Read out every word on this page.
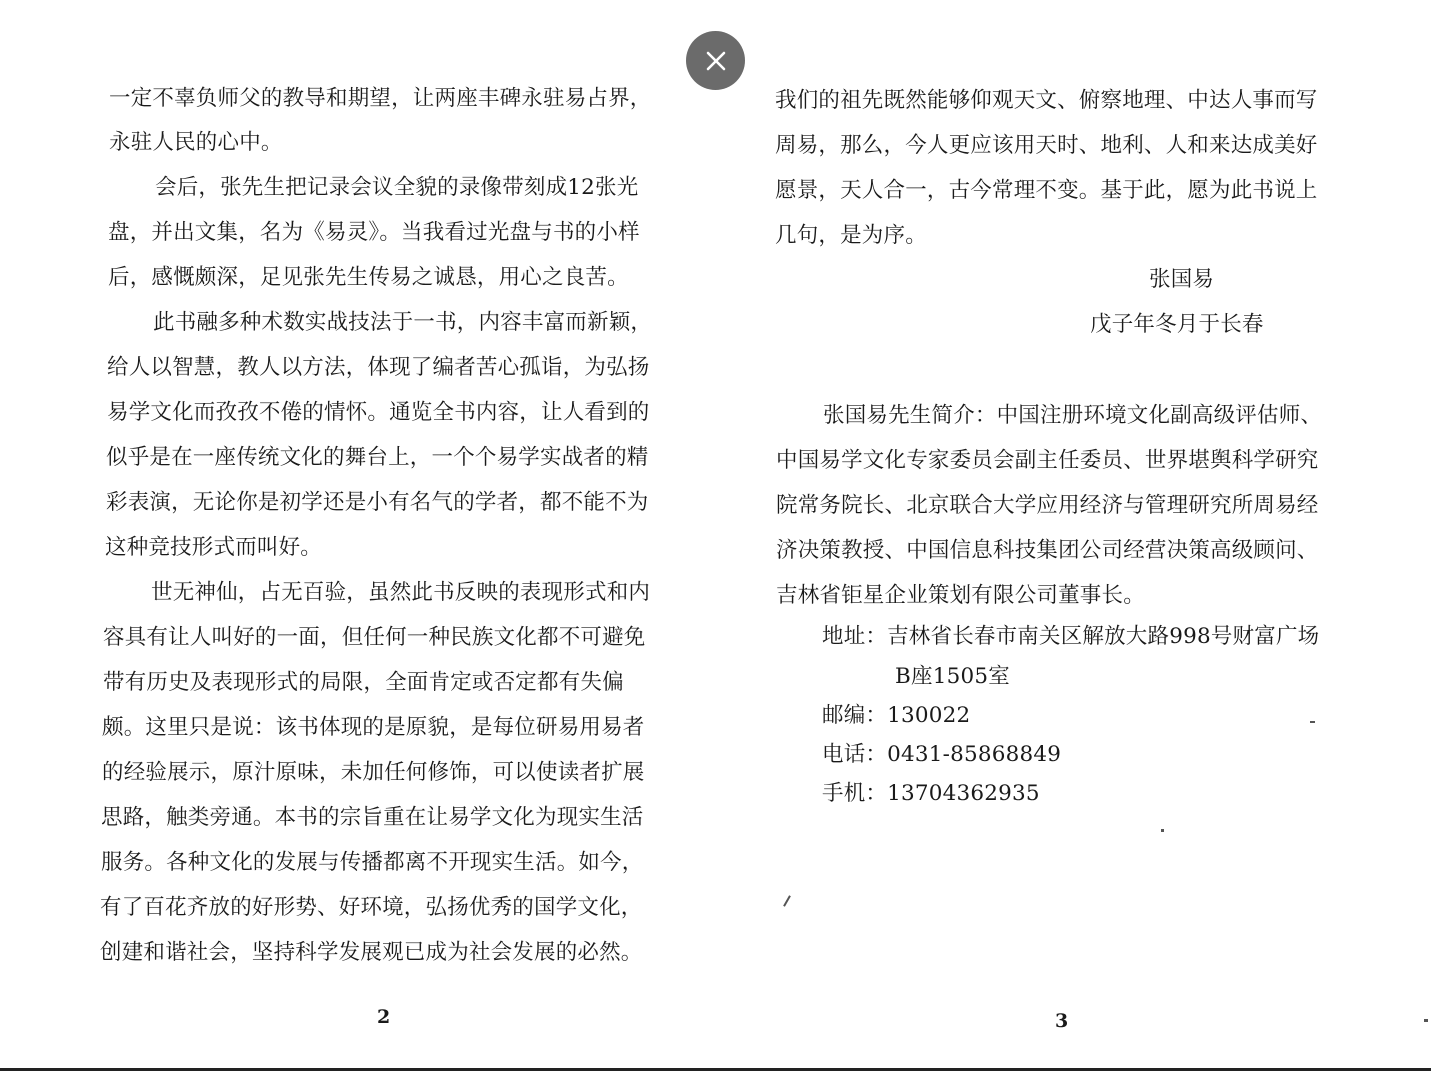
一定不辜负师父的教导和期望，让两座丰碑永驻易占界，
永驻人民的心中。
会后，张先生把记录会议全貌的录像带刻成12张光
盘，并出文集，名为《易灵》。当我看过光盘与书的小样
后，感慨颇深，足见张先生传易之诚恳，用心之良苦。
此书融多种术数实战技法于一书，内容丰富而新颖，
给人以智慧，教人以方法，体现了编者苦心孤诣，为弘扬
易学文化而孜孜不倦的情怀。通览全书内容，让人看到的
似乎是在一座传统文化的舞台上，一个个易学实战者的精
彩表演，无论你是初学还是小有名气的学者，都不能不为
这种竞技形式而叫好。
世无神仙，占无百验，虽然此书反映的表现形式和内
容具有让人叫好的一面，但任何一种民族文化都不可避免
带有历史及表现形式的局限，全面肯定或否定都有失偏
颇。这里只是说：该书体现的是原貌，是每位研易用易者
的经验展示，原汁原味，未加任何修饰，可以使读者扩展
思路，触类旁通。本书的宗旨重在让易学文化为现实生活
服务。各种文化的发展与传播都离不开现实生活。如今，
有了百花齐放的好形势、好环境，弘扬优秀的国学文化，
创建和谐社会，坚持科学发展观已成为社会发展的必然。
2
我们的祖先既然能够仰观天文、俯察地理、中达人事而写
周易，那么，今人更应该用天时、地利、人和来达成美好
愿景，天人合一，古今常理不变。基于此，愿为此书说上
几句，是为序。
张国易
戊子年冬月于长春
张国易先生简介：中国注册环境文化副高级评估师、
中国易学文化专家委员会副主任委员、世界堪舆科学研究
院常务院长、北京联合大学应用经济与管理研究所周易经
济决策教授、中国信息科技集团公司经营决策高级顾问、
吉林省钜星企业策划有限公司董事长。
地址：吉林省长春市南关区解放大路998号财富广场
B座1505室
邮编：130022
电话：0431-85868849
手机：13704362935
3
